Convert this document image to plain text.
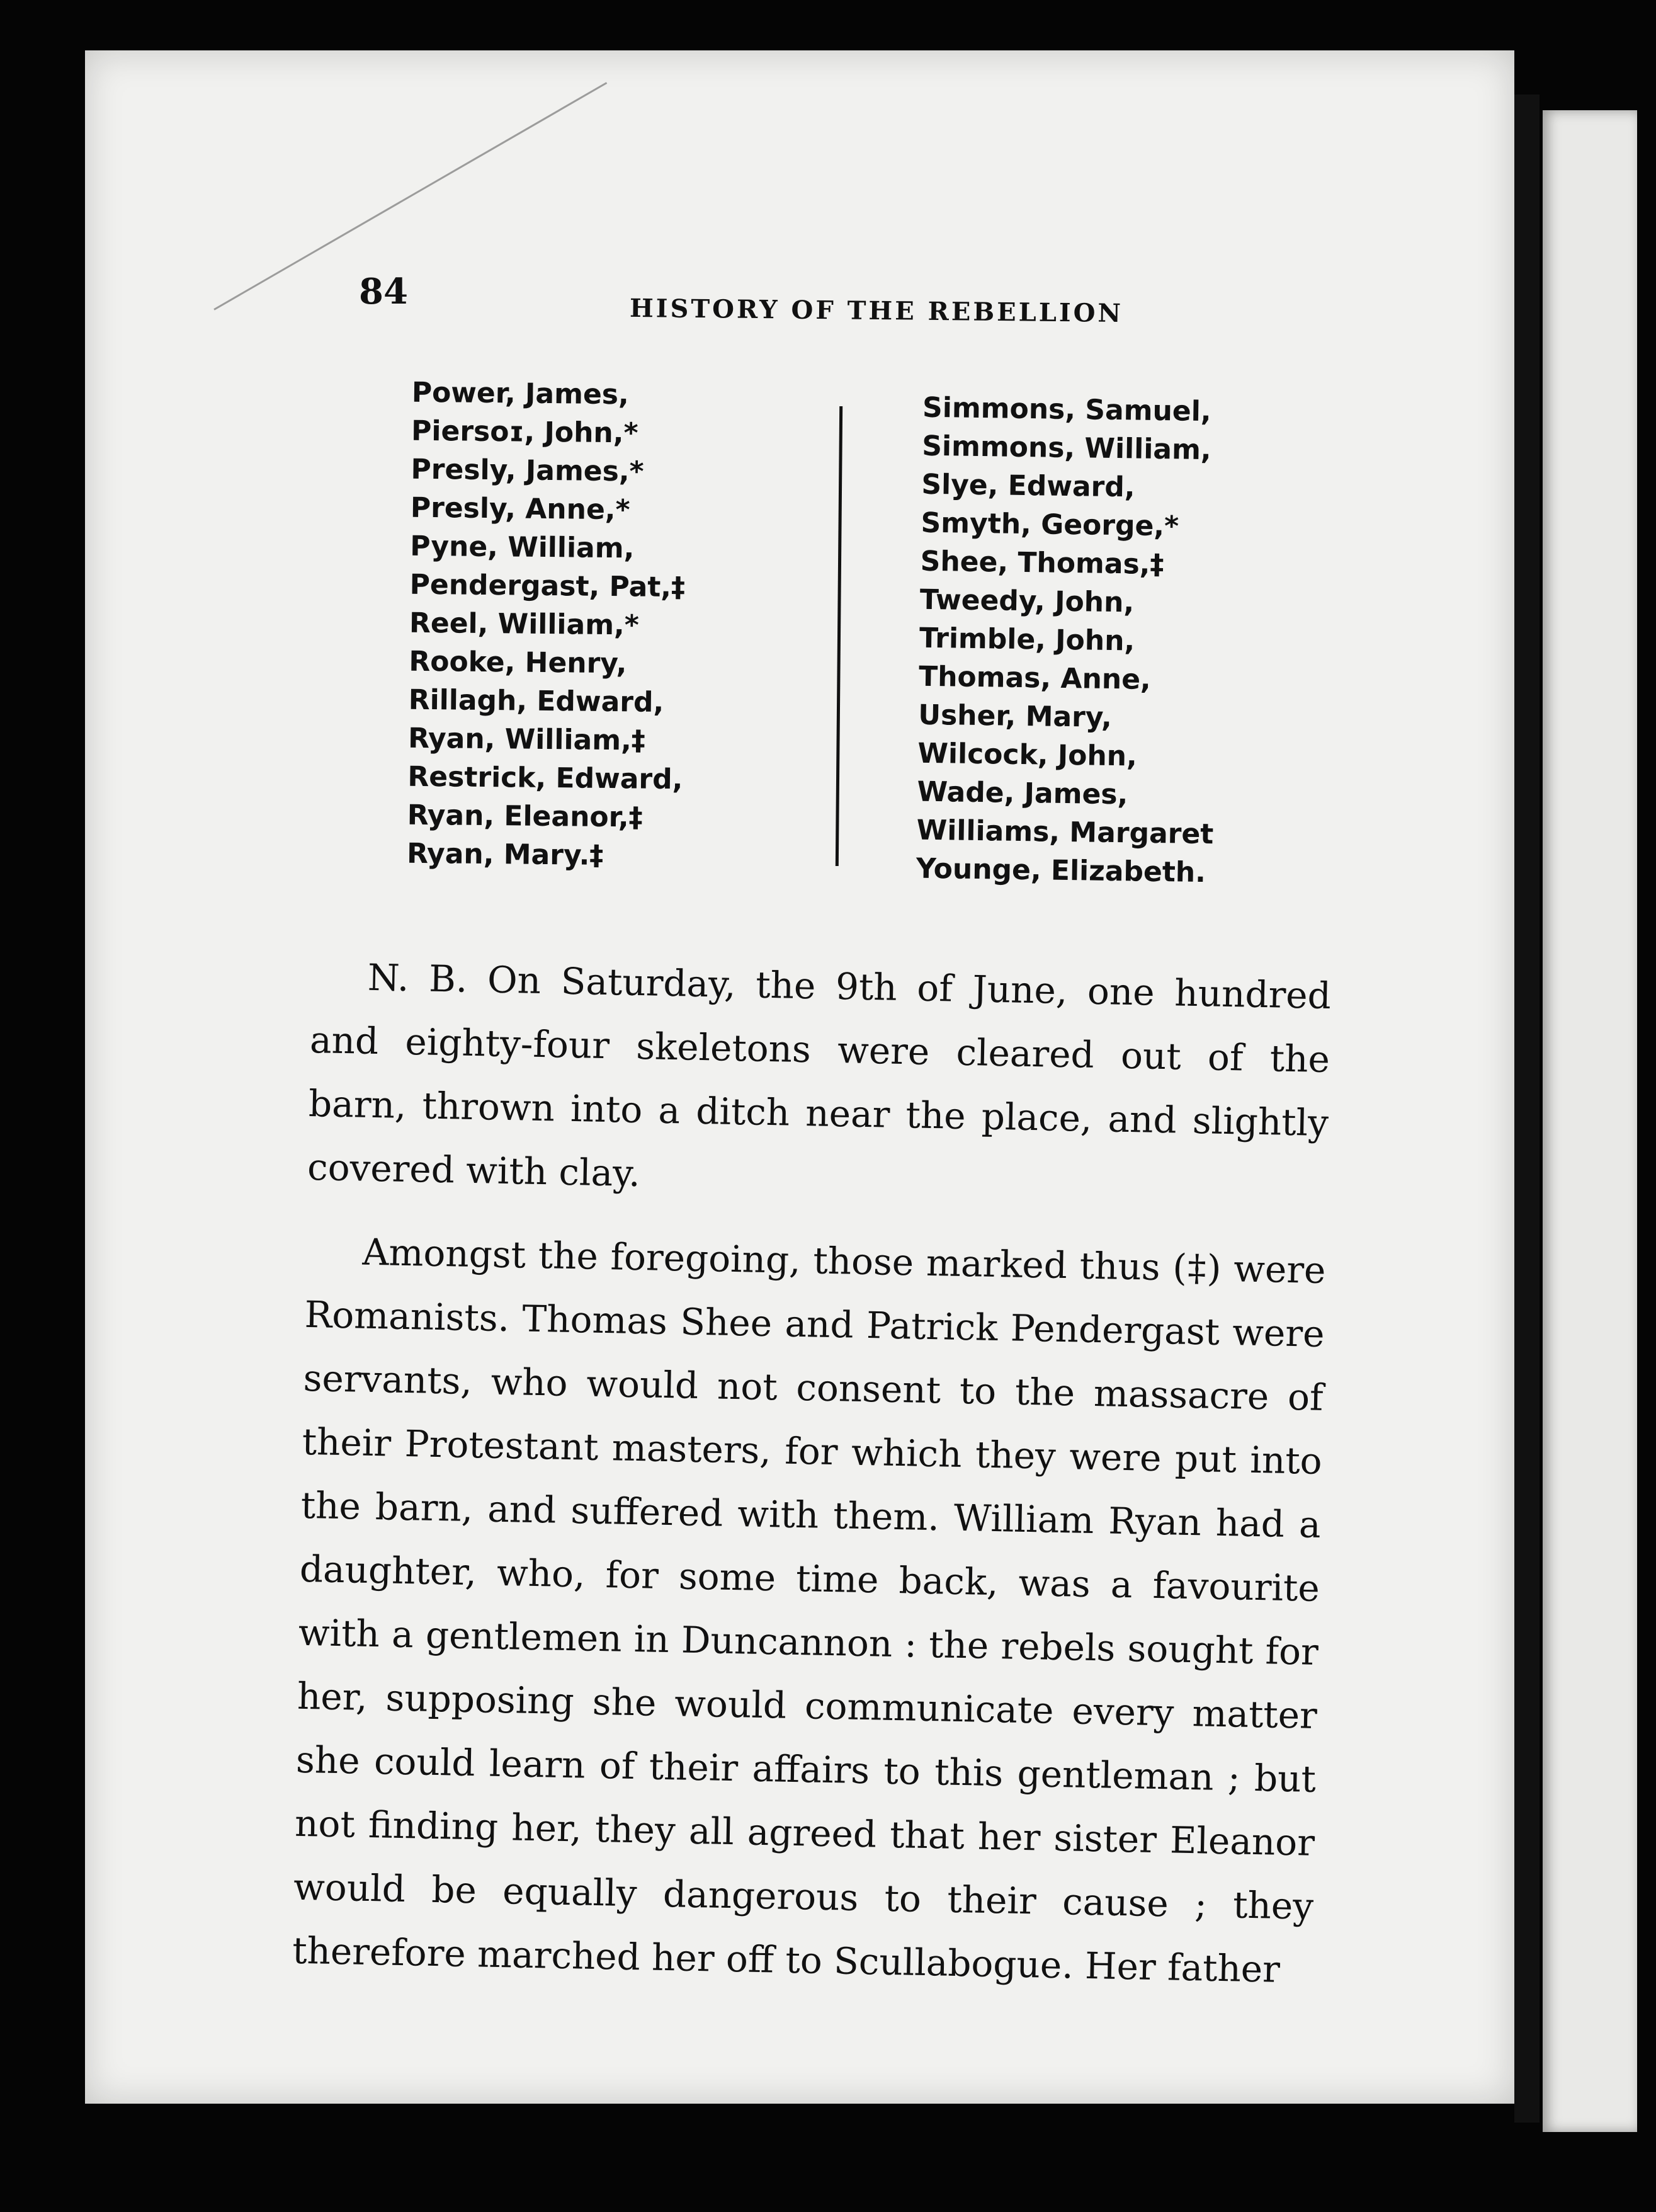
84	HISTORY OF THE REBELLION
Power, James,
Piersoɪ, John,*
Presly, James,*
Presly, Anne,*
Pyne, William,
Pendergast, Pat,‡
Reel, William,*
Rooke, Henry,
Rillagh, Edward,
Ryan, William,‡
Restrick, Edward,
Ryan, Eleanor,‡
Ryan, Mary.‡
Simmons, Samuel,
Simmons, William,
Slye, Edward,
Smyth, George,*
Shee, Thomas,‡
Tweedy, John,
Trimble, John,
Thomas, Anne,
Usher, Mary,
Wilcock, John,
Wade, James,
Williams, Margaret
Younge, Elizabeth.

N. B. On Saturday, the 9th of June, one hundred and eighty-four skeletons were cleared out of the barn, thrown into a ditch near the place, and slightly covered with clay.

Amongst the foregoing, those marked thus (‡) were Romanists. Thomas Shee and Patrick Pendergast were servants, who would not consent to the massacre of their Protestant masters, for which they were put into the barn, and suffered with them. William Ryan had a daughter, who, for some time back, was a favourite with a gentlemen in Duncannon : the rebels sought for her, supposing she would communicate every matter she could learn of their affairs to this gentleman ; but not finding her, they all agreed that her sister Eleanor would be equally dangerous to their cause ; they therefore marched her off to Scullabogue. Her father
